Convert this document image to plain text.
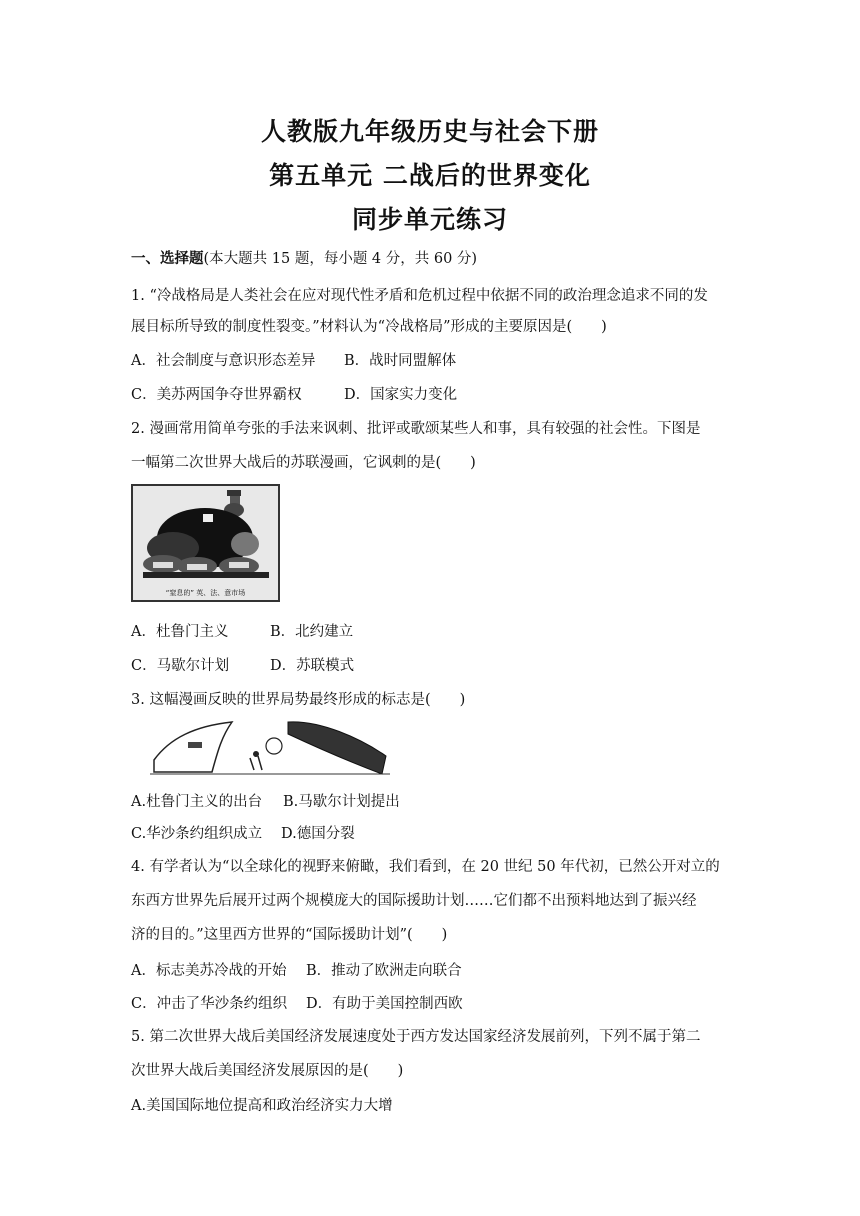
人教版九年级历史与社会下册
第五单元 二战后的世界变化
同步单元练习
一、选择题(本大题共 15 题，每小题 4 分，共 60 分)
1. “冷战格局是人类社会在应对现代性矛盾和危机过程中依据不同的政治理念追求不同的发
展目标所导致的制度性裂变。”材料认为“冷战格局”形成的主要原因是(　　)
A．社会制度与意识形态差异 B．战时同盟解体
C．美苏两国争夺世界霸权	D．国家实力变化
2. 漫画常用简单夸张的手法来讽刺、批评或歌颂某些人和事，具有较强的社会性。下图是
一幅第二次世界大战后的苏联漫画，它讽刺的是(　　)
“窒息的” 英、法、意市场
A．杜鲁门主义	B．北约建立
C．马歇尔计划	D．苏联模式
3. 这幅漫画反映的世界局势最终形成的标志是(　　)
A.杜鲁门主义的出台 B.马歇尔计划提出
C.华沙条约组织成立 D.德国分裂
4. 有学者认为“以全球化的视野来俯瞰，我们看到，在 20 世纪 50 年代初，已然公开对立的
东西方世界先后展开过两个规模庞大的国际援助计划……它们都不出预料地达到了振兴经
济的目的。”这里西方世界的“国际援助计划”(　　)
A．标志美苏冷战的开始 B．推动了欧洲走向联合
C．冲击了华沙条约组织 D．有助于美国控制西欧
5. 第二次世界大战后美国经济发展速度处于西方发达国家经济发展前列，下列不属于第二
次世界大战后美国经济发展原因的是(　　)
A.美国国际地位提高和政治经济实力大增
